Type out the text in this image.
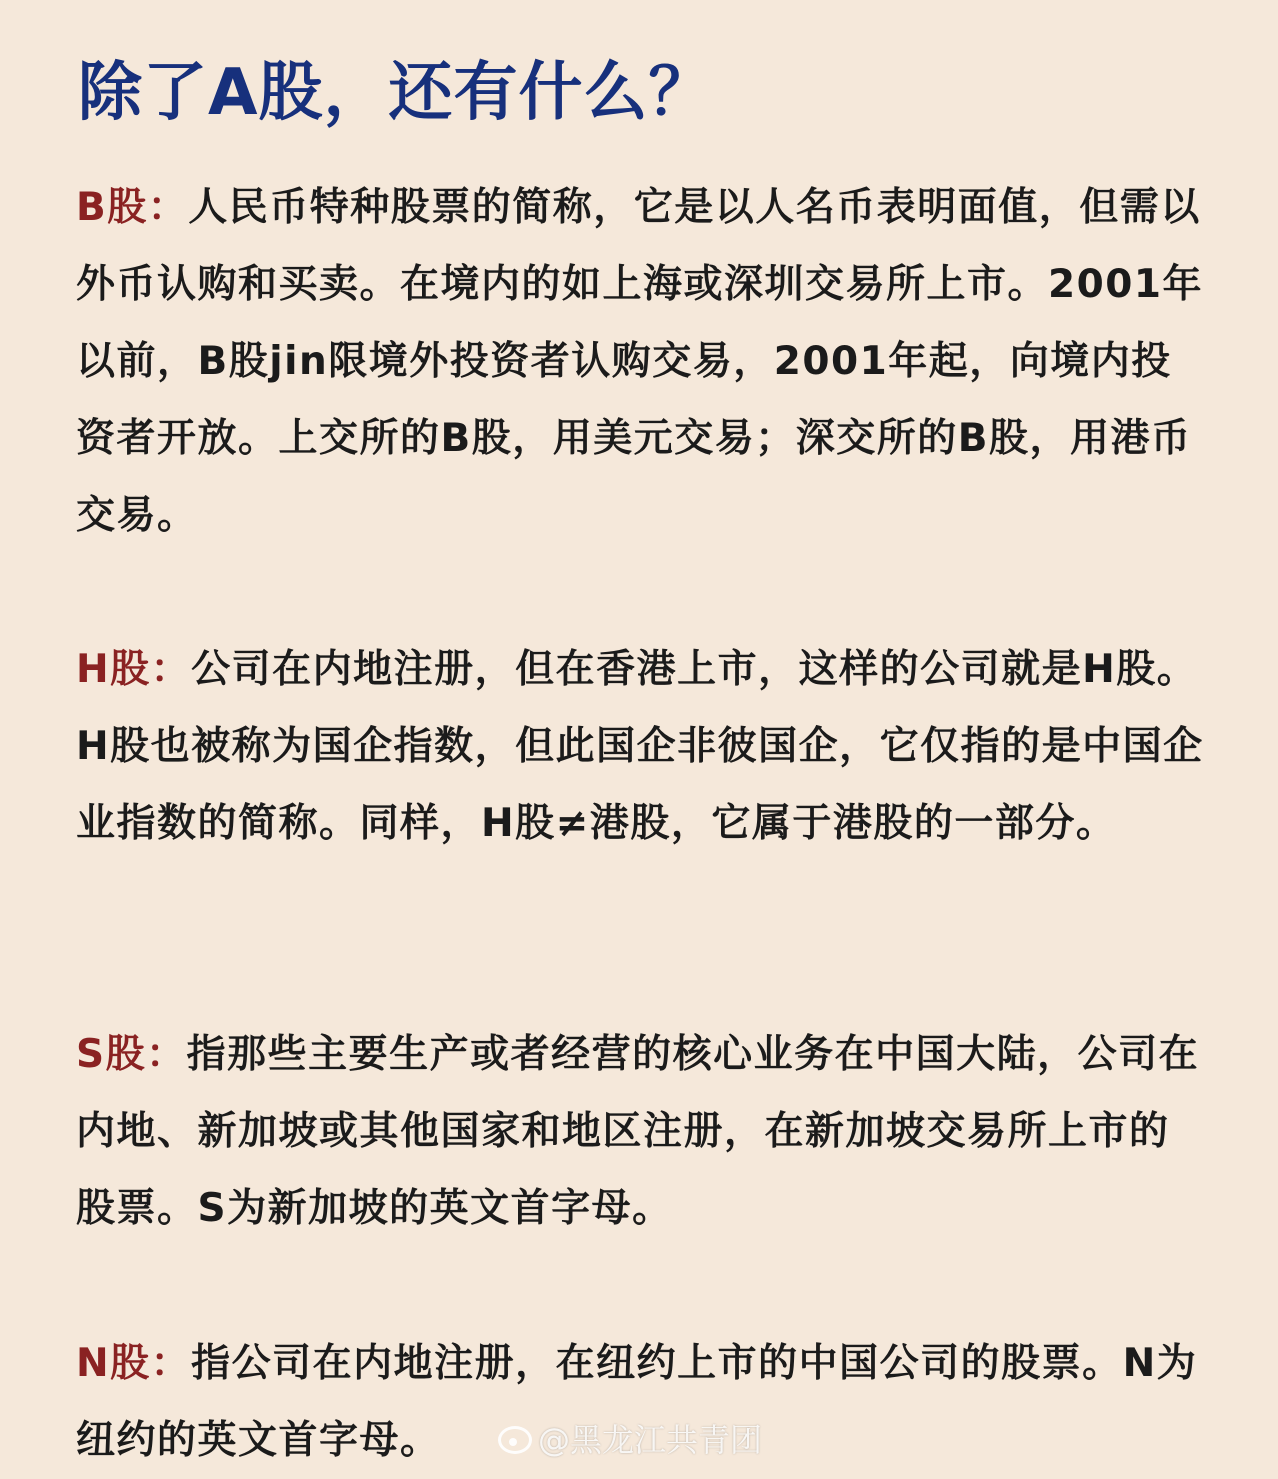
除了A股，还有什么？
B股：人民币特种股票的简称，它是以人名币表明面值，但需以外币认购和买卖。在境内的如上海或深圳交易所上市。2001年以前，B股jin限境外投资者认购交易，2001年起，向境内投资者开放。上交所的B股，用美元交易；深交所的B股，用港币交易。
H股：公司在内地注册，但在香港上市，这样的公司就是H股。H股也被称为国企指数，但此国企非彼国企，它仅指的是中国企业指数的简称。同样，H股≠港股，它属于港股的一部分。
S股：指那些主要生产或者经营的核心业务在中国大陆，公司在内地、新加坡或其他国家和地区注册，在新加坡交易所上市的股票。S为新加坡的英文首字母。
N股：指公司在内地注册，在纽约上市的中国公司的股票。N为纽约的英文首字母。	@黑龙江共青团
